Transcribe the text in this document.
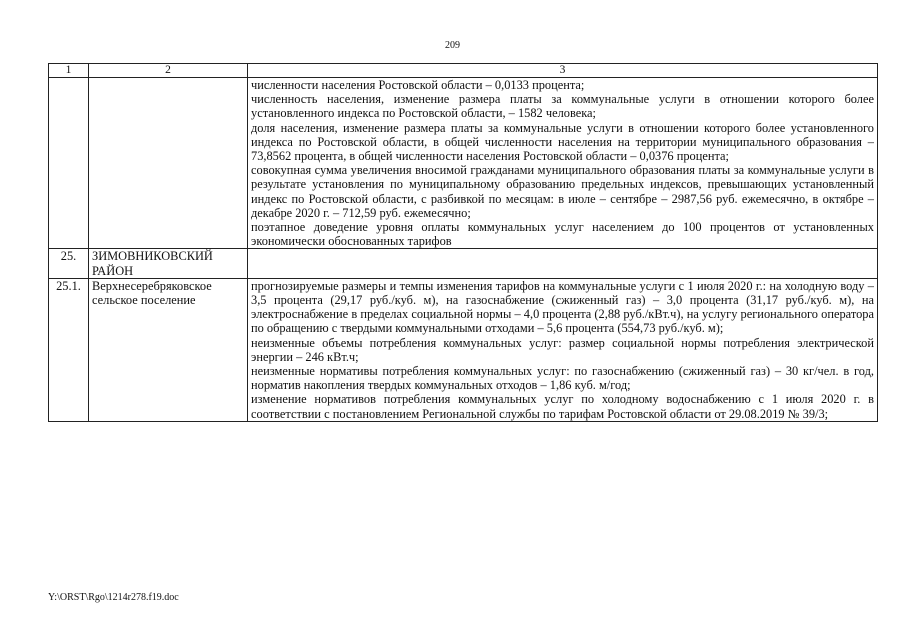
209
1	2	3

		численности населения Ростовской области – 0,0133 процента;
численность населения, изменение размера платы за коммунальные услуги в отношении которого более установленного индекса по Ростовской области, – 1582 человека;
доля населения, изменение размера платы за коммунальные услуги в отношении которого более установленного индекса по Ростовской области, в общей численности населения на территории муниципального образования – 73,8562 процента, в общей численности населения Ростовской области – 0,0376 процента;
совокупная сумма увеличения вносимой гражданами муниципального образования платы за коммунальные услуги в результате установления по муниципальному образованию предельных индексов, превышающих установленный индекс по Ростовской области, с разбивкой по месяцам: в июле – сентябре – 2987,56 руб. ежемесячно, в октябре – декабре 2020 г. – 712,59 руб. ежемесячно;
поэтапное доведение уровня оплаты коммунальных услуг населением до 100 процентов от установленных экономически обоснованных тарифов

25.	ЗИМОВНИКОВСКИЙ РАЙОН	
25.1.	Верхнесеребряковское сельское поселение	прогнозируемые размеры и темпы изменения тарифов на коммунальные услуги с 1 июля 2020 г.: на холодную воду – 3,5 процента (29,17 руб./куб. м), на газоснабжение (сжиженный газ) – 3,0 процента (31,17 руб./куб. м), на электроснабжение в пределах социальной нормы – 4,0 процента (2,88 руб./кВт.ч), на услугу регионального оператора по обращению с твердыми коммунальными отходами – 5,6 процента (554,73 руб./куб. м);
неизменные объемы потребления коммунальных услуг: размер социальной нормы потребления электрической энергии – 246 кВт.ч;
неизменные нормативы потребления коммунальных услуг: по газоснабжению (сжиженный газ) – 30 кг/чел. в год, норматив накопления твердых коммунальных отходов – 1,86 куб. м/год;
изменение нормативов потребления коммунальных услуг по холодному водоснабжению с 1 июля 2020 г. в соответствии с постановлением Региональной службы по тарифам Ростовской области от 29.08.2019 № 39/3;
Y:\ORST\Rgo\1214r278.f19.doc
